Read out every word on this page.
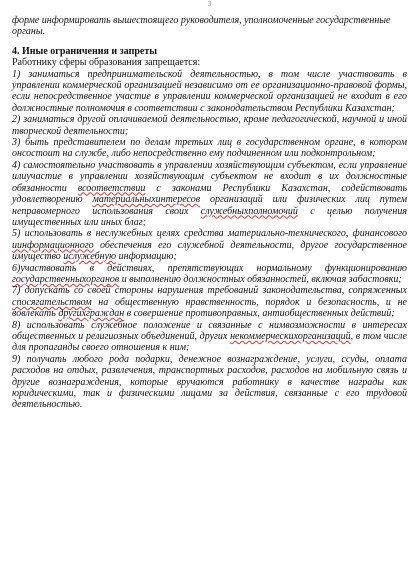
3

форме информировать вышестоящего руководителя, уполномоченные государственные органы.

4. Иные ограничения и запреты

Работнику сферы образования запрещается:

1) заниматься предпринимательской деятельностью, в том числе участвовать в управлении коммерческой организацией независимо от ее организационно-правовой формы, если непосредственное участие в управлении коммерческой организацией не входит в его должностные полномочия в соответствии с законодательством Республики Казахстан;

2) заниматься другой оплачиваемой деятельностью, кроме педагогической, научной и иной творческой деятельности;

3) быть представителем по делам третьих лиц в государственном органе, в котором онсостоит на службе, либо непосредственно ему подчиненном или подконтрольном;

4) самостоятельно участвовать в управлении хозяйствующим субъектом, если управление илиучастие в управлении хозяйствующим субъектом не входит в их должностные обязанности всоответствии с законами Республики Казахстан, содействовать удовлетворению материальныхинтересов организаций или физических лиц путем неправомерного использования своих служебныхполномочий с целью получения имущественных или иных благ;

5) использовать в неслужебных целях средства материально-технического, финансового иинформационного обеспечения его служебной деятельности, другое государственное имущество ислужебную информацию;

6)участвовать в действиях, препятствующих нормальному функционированию государственныхорганов и выполнению должностных обязанностей, включая забастовки;

7) допускать со своей стороны нарушения требований законодательства, сопряженных спосягательством на общественную нравственность, порядок и безопасность, и не вовлекать другихграждан в совершение противоправных, антиобщественных действий;

8) использовать служебное положение и связанные с нимвозможности в интересах общественных и религиозных объединений, других некоммерческихорганизаций, в том числе для пропаганды своего отношения к ним;

9) получать любого рода подарки, денежное вознаграждение, услуги, ссуды, оплата расходов на отдых, развлечения, транспортных расходов, расходов на мобильную связь и другие вознаграждения, которые вручаются работнику в качестве награды как юридическими, так и физическими лицами за действия, связанные с его трудовой деятельностью.
